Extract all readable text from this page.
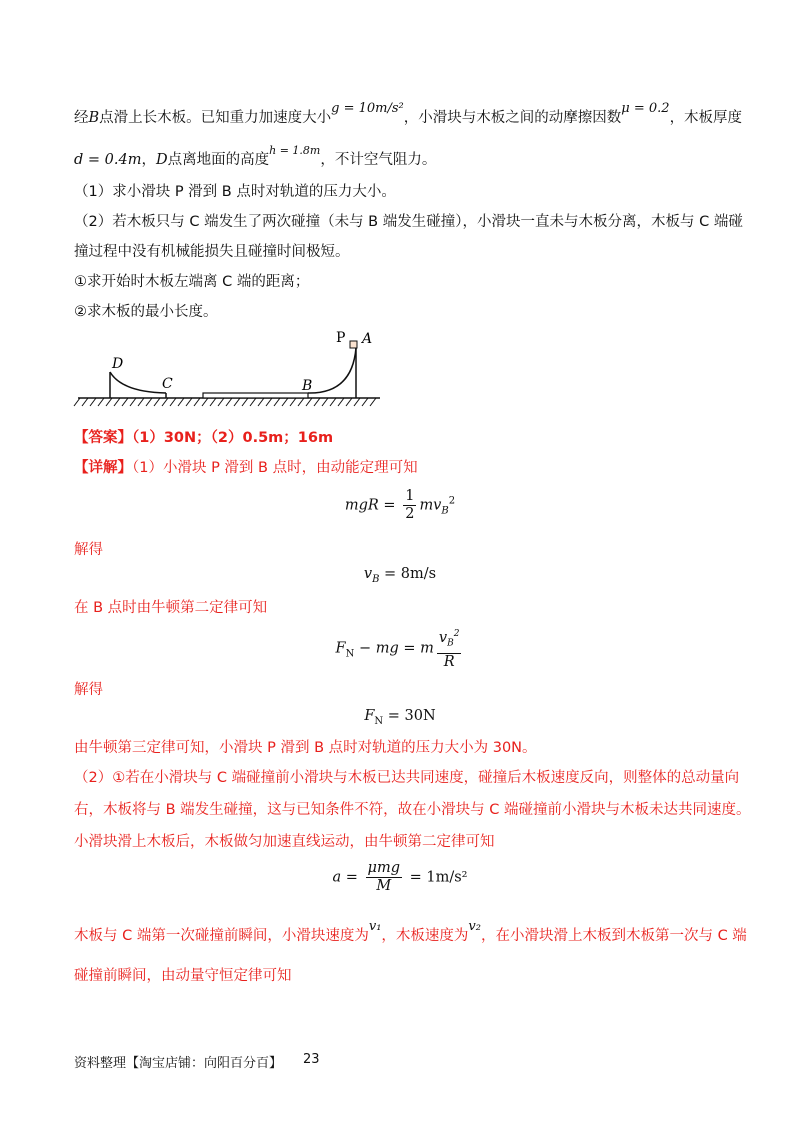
经B点滑上长木板。已知重力加速度大小g = 10m/s²，小滑块与木板之间的动摩擦因数μ = 0.2，木板厚度
d = 0.4m，D点离地面的高度$^{h = 1.8m}$，不计空气阻力。
（1）求小滑块 P 滑到 B 点时对轨道的压力大小。
（2）若木板只与 C 端发生了两次碰撞（未与 B 端发生碰撞），小滑块一直未与木板分离，木板与 C 端碰
撞过程中没有机械能损失且碰撞时间极短。
①求开始时木板左端离 C 端的距离；
②求木板的最小长度。
P A
D
C	B
【答案】（1）30N；（2）0.5m；16m
【详解】（1）小滑块 P 滑到 B 点时，由动能定理可知
mgR = $\frac{1}{2} mv_B^2$
解得
$v_B = 8m/s$
在 B 点时由牛顿第二定律可知
$F_N$ − mg = m $\frac{v_B^2}{R}$
解得
$F_N = 30N$
由牛顿第三定律可知，小滑块 P 滑到 B 点时对轨道的压力大小为 30N。
（2）①若在小滑块与 C 端碰撞前小滑块与木板已达共同速度，碰撞后木板速度反向，则整体的总动量向
右，木板将与 B 端发生碰撞，这与已知条件不符，故在小滑块与 C 端碰撞前小滑块与木板未达共同速度。
小滑块滑上木板后，木板做匀加速直线运动，由牛顿第二定律可知
$a = \frac{\text{μmg}}{M} = 1m/s^2$
木板与 C 端第一次碰撞前瞬间，小滑块速度为v₁，木板速度为v₂，在小滑块滑上木板到木板第一次与 C 端
碰撞前瞬间，由动量守恒定律可知
资料整理【淘宝店铺：向阳百分百】 23
